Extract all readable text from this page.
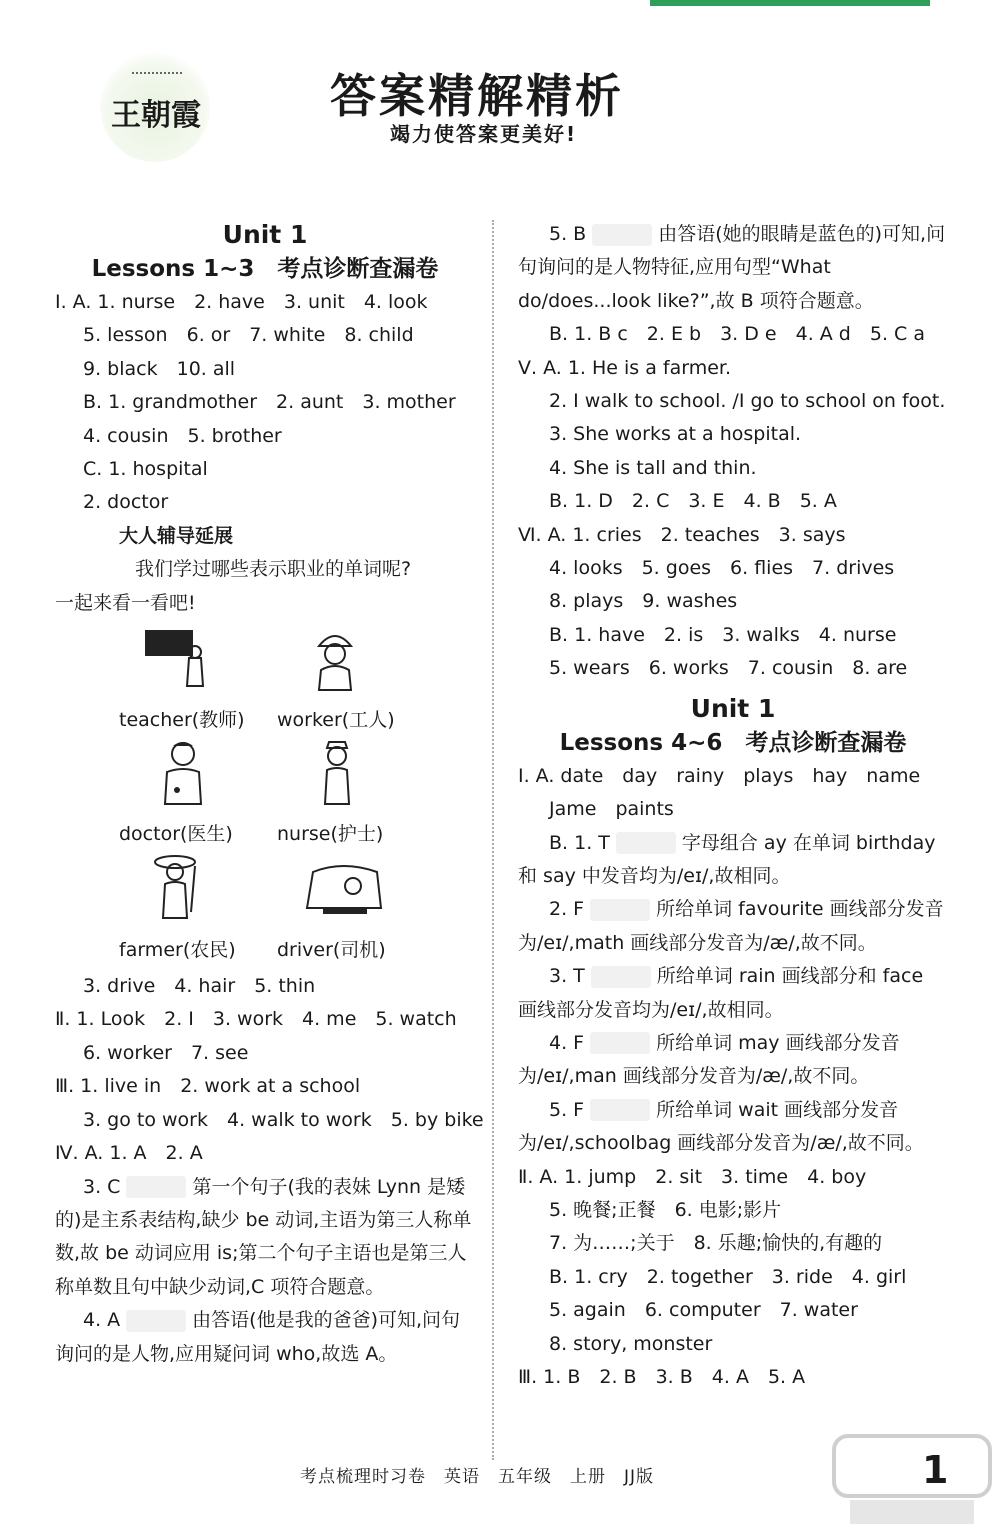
王朝霞	答案精解精析
竭力使答案更美好!
Unit 1
Lessons 1~3　考点诊断查漏卷
Ⅰ. A. 1. nurse　2. have　3. unit　4. look
5. lesson　6. or　7. white　8. child
9. black　10. all
B. 1. grandmother　2. aunt　3. mother
4. cousin　5. brother
C. 1. hospital
2. doctor
大人辅导延展
我们学过哪些表示职业的单词呢?
一起来看一看吧!
teacher(教师) worker(工人)
doctor(医生) nurse(护士)
farmer(农民) driver(司机)
3. drive　4. hair　5. thin
Ⅱ. 1. Look　2. I　3. work　4. me　5. watch
6. worker　7. see
Ⅲ. 1. live in　2. work at a school
3. go to work　4. walk to work　5. by bike
Ⅳ. A. 1. A　2. A
3. C	第一个句子(我的表妹 Lynn 是矮的)是主系表结构,缺少 be 动词,主语为第三人称单数,故 be 动词应用 is;第二个句子主语也是第三人称单数且句中缺少动词,C 项符合题意。
4. A	由答语(他是我的爸爸)可知,问句询问的是人物,应用疑问词 who,故选 A。
5. B	由答语(她的眼睛是蓝色的)可知,问句询问的是人物特征,应用句型“What do/does...look like?”,故 B 项符合题意。
B. 1. B c　2. E b　3. D e　4. A d　5. C a
Ⅴ. A. 1. He is a farmer.
2. I walk to school. /I go to school on foot.
3. She works at a hospital.
4. She is tall and thin.
B. 1. D　2. C　3. E　4. B　5. A
Ⅵ. A. 1. cries　2. teaches　3. says
4. looks　5. goes　6. flies　7. drives
8. plays　9. washes
B. 1. have　2. is　3. walks　4. nurse
5. wears　6. works　7. cousin　8. are
Unit 1
Lessons 4~6　考点诊断查漏卷
Ⅰ. A. date　day　rainy　plays　hay　name
Jame　paints
B. 1. T	字母组合 ay 在单词 birthday 和 say 中发音均为/eɪ/,故相同。
2. F	所给单词 favourite 画线部分发音为/eɪ/,math 画线部分发音为/æ/,故不同。
3. T	所给单词 rain 画线部分和 face 画线部分发音均为/eɪ/,故相同。
4. F	所给单词 may 画线部分发音为/eɪ/,man 画线部分发音为/æ/,故不同。
5. F	所给单词 wait 画线部分发音为/eɪ/,schoolbag 画线部分发音为/æ/,故不同。
Ⅱ. A. 1. jump　2. sit　3. time　4. boy
5. 晚餐;正餐　6. 电影;影片
7. 为……;关于　8. 乐趣;愉快的,有趣的
B. 1. cry　2. together　3. ride　4. girl
5. again　6. computer　7. water
8. story, monster
Ⅲ. 1. B　2. B　3. B　4. A　5. A
考点梳理时习卷　英语　五年级　上册　JJ版	1
